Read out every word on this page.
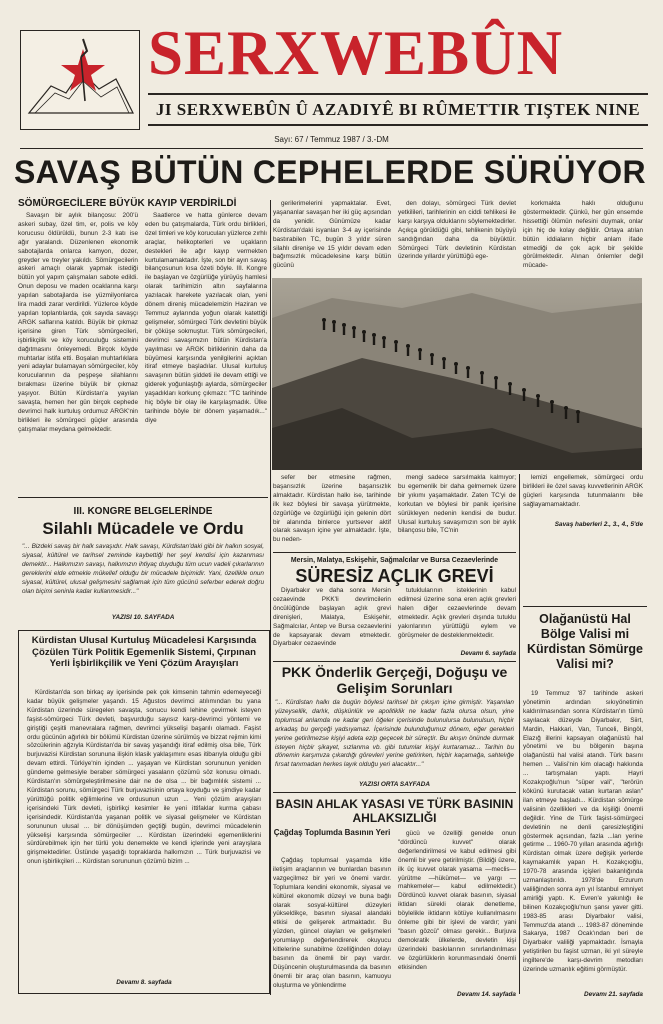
SERXWEBÛN
JI SERXWEBÛN Û AZADIYÊ BI RÛMETTIR TIŞTEK NINE
Sayı: 67 / Temmuz 1987 / 3.-DM
SAVAŞ BÜTÜN CEPHELERDE SÜRÜYOR
SÖMÜRGECİLERE BÜYÜK KAYIP VERDİRİLDİ

Savaşın bir aylık bilançosu: 200'ü askeri subay, özel tim, er, polis ve köy korucusu öldürüldü, bunun 2-3 katı ise ağır yaralandı. Düzenlenen ekonomik sabotajlarda onlarca kamyon, dozer, greyder ve treyler yakıldı. Sömürgecilerin askeri amaçlı olarak yapmak istediği bütün yol yapım çalışmaları sabote edildi. Onun deposu ve maden ocaklarına karşı yapılan sabotajlarda ise yüzmilyonlarca lira maddi zarar verdirildi. Yüzlerce köyde yapılan toplantılarda, çok sayıda savaşçı ARGK saflarına katıldı. Büyük bir çıkmaz içerisine giren Türk sömürgecileri, işbirlikçilik ve köy koruculuğu sistemini dağıtmasını önleyemedi. Birçok köyde muhtarlar istifa etti. Boşalan muhtarlıklara yeni adaylar bulamayan sömürgeciler, köy korucularının da peşpeşe silahlarını bırakması üzerine büyük bir çıkmaz yaşıyor. Bütün Kürdistan'a yayılan savaşta, hemen her gün birçok cephede devrimci halk kurtuluş ordumuz ARGK'nin birlikleri ile sömürgeci güçler arasında çatışmalar meydana gelmektedir.

Saatlerce ve hatta günlerce devam eden bu çatışmalarda, Türk ordu birlikleri, özel timleri ve köy korucuları yüzlerce zırhlı araçlar, helikopterleri ve uçakların destekleri ile ağır kayıp vermekten kurtulamamaktadır. İşte, son bir ayın savaş bilançosunun kısa özeti böyle. III. Kongre ile başlayan ve özgürlüğe yürüyüş hamlesi olarak tarihimizin altın sayfalarına yazılacak harekete yazılacak olan, yeni dönem direniş mücadelemizin Haziran ve Temmuz aylarında yoğun olarak katettiği gelişmeler, sömürgeci Türk devletini büyük bir çöküşe sokmuştur. Türk sömürgecileri, devrimci savaşımızın bütün Kürdistan'a yayılması ve ARGK birliklerinin daha da büyümesi karşısında yenilgilerini açıktan itiraf etmeye başladılar. Ulusal kurtuluş savaşının bütün şiddeti ile devam ettiği ve giderek yoğunlaştığı aylarda, sömürgeciler yaşadıkları korkunç çıkmazı: "TC tarihinde hiç böyle bir olay ile karşılaşmadık. Ülke tarihinde böyle bir dönem yaşamadık..." diye

gerilerimelerini yapmaktalar. Evet, yaşananlar savaşan her iki güç açısından da yenidir. Günümüze kadar Kürdistan'daki isyanları 3-4 ay içerisinde bastırabilen TC, bugün 3 yıldır süren silahlı direnişe ve 15 yıldır devam eden bağımsızlık mücadelesine karşı bütün gücünü

den dolayı, sömürgeci Türk devlet yetkilileri, tarihlerinin en ciddi tehlikesi ile karşı karşıya olduklarını söylemektedirler. Açıkça görüldüğü gibi, tehlikenin büyüyü sandığından daha da büyüktür. Sömürgeci Türk devletinin Kürdistan üzerinde yıllardır yürüttüğü ege-

korkmakta haklı olduğunu göstermektedir. Çünkü, her gün ensemde hissettiği ölümün nefesini duymak, onlar için hiç de kolay değildir. Ortaya atılan bütün iddiaların hiçbir anlam ifade etmediği de çok açık bir şekilde görülmektedir. Alınan önlemler değil mücade-

sefer ber etmesine rağmen, başarısızlık üzerine başarısızlık almaktadır. Kürdistan halkı ise, tarihinde ilk kez böylesi bir savaşa yürütmekte, özgürlüğe ve özgürlüğü için gelenin dört bir alanında binlerce yurtsever aktif olarak savaşın içine yer almaktadır. İşte, bu neden-

mengi sadece sarsılmakla kalmıyor; bu egemenlik bir daha gelmemek üzere bir yıkımı yaşamaktadır. Zaten TC'yi de korkutan ve böylesi bir panik içerisine sürükleyen nedenin kendisi de budur. Ulusal kurtuluş savaşımızın son bir aylık bilançosu bile, TC'nin

lemizi engellemek, sömürgeci ordu birlikleri ile özel savaş kuvvetlerinin ARGK güçleri karşısında tutunmalarını bile sağlayamamaktadır.

Savaş haberleri 2., 3., 4., 5'de
III. KONGRE BELGELERİNDE
Silahlı Mücadele ve Ordu
"... Bizdeki savaş bir halk savaşıdır. Halk savaşı, Kürdistan'daki gibi bir halkın sosyal, siyasal, kültürel ve tarihsel zeminde kaybettiği her şeyi kendisi için kazanması demektir... Halkımızın savaşı, halkımızın ihtiyaç duyduğu tüm ucun vadeli çıkarlarının gereklerini elde etmekle mükellef olduğu bir mücadele biçimidir. Yani, özellikle onun siyasal, kültürel, ulusal gelişmesini sağlamak için tüm gücünü seferber ederek doğru olan biçimi seninla kadar kullanmesidir..."
YAZISI 10. SAYFADA
Kürdistan Ulusal Kurtuluş Mücadelesi Karşısında Çözülen Türk Politik Egemenlik Sistemi, Çırpınan Yerli İşbirlikçilik ve Yeni Çözüm Arayışları

Kürdistan'da son birkaç ay içerisinde pek çok kimsenin tahmin edemeyeceği kadar büyük gelişmeler yaşandı. 15 Ağustos devrimci atılımından bu yana Kürdistan üzerinde süregelen savaşta, sonucu kendi lehine çevirmek isteyen faşist-sömürgeci Türk devleti, başvurduğu sayısız karşı-devrimci yöntemi ve giriştiği çeşitli manevralara rağmen, devrimci yükselişi başarılı olamadı. Faşist ordu gücünün ağırlıklı bir bölümü Kürdistan üzerine sürülmüş ve bizzat rejimin kimi sözcülerinin ağzıyla Kürdistan'da bir savaş yaşandığı itiraf edilmiş olsa bile, Türk burjuvazisi Kürdistan sorununa ilişkin klasik yaklaşımını esas itibarıyla olduğu gibi devam ettirdi. Türkiye'nin içinden ... yaşayan ve Kürdistan sorununun yeniden gündeme gelmesiyle beraber sömürgeci yasaların çözümü söz konusu olmadı. Kürdistan'ın sömürgeleştirilmesine dair ne de olsa ... bir bağımlılık sistemi ... Kürdistan sorunu, sömürgeci Türk burjuvazisinin ortaya koyduğu ve şimdiye kadar yürüttüğü politik eğilimlerine ve ordusunun uzun ... Yeni çözüm arayışları içerisindeki Türk devleti, işbirlikçi kesimler ile yeni ittifaklar kurma çabası içerisindedir. Kürdistan'da yaşanan politik ve siyasal gelişmeler ve Kürdistan sorununun ulusal ... bir dönüşümden geçtiği bugün, devrimci mücadelenin yükselişi karşısında sömürgeciler ... Kürdistan üzerindeki egemenliklerini sürdürebilmek için her türlü yolu denemekte ve kendi içlerinde yeni arayışlara girişmektedirler. Üstünde yaşadığı topraklarda halkımızın ... Türk burjuvazisi ve onun işbirlikçileri ... Kürdistan sorununun çözümü bizim ...

Devamı 8. sayfada
Mersin, Malatya, Eskişehir, Sağmalcılar ve Bursa Cezaevlerinde
SÜRESİZ AÇLIK GREVİ

Diyarbakır ve daha sonra Mersin cezaevinde PKK'li devrimcilerin öncülüğünde başlayan açlık grevi direnişleri, Malatya, Eskişehir, Sağmalcılar, Antep ve Bursa cezaevlerini de kapsayarak devam etmektedir. Diyarbakır cezaevinde

tutuklularının isteklerinin kabul edilmesi üzerine sona eren açlık grevleri halen diğer cezaevlerinde devam etmektedir. Açlık grevleri dışında tutuklu yakınlarının yürüttüğü eylem ve görüşmeler de desteklenmektedir.

Devamı 6. sayfada
PKK Önderlik Gerçeği, Doğuşu ve Gelişim Sorunları
"... Kürdistan halkı da bugün böylesi tarihsel bir çıkışın içine girmiştir. Yaşanılan yüzeysellik, darlık, düşkünlük ve apolitiklik ne kadar fazla olursa olsun, yine toplumsal anlamda ne kadar geri öğeler içerisinde bulunulursa bulunulsun, hiçbir arkadaş bu gerçeği yadsıyamaz. İçerisinde bulunduğumuz dönem, eğer gerekleri yerine getirilmezse kişiyi adeta ezip geçecek bir süreçtir. Bu akışın önünde durmak isteyen hiçbir şikayet, sızlanma vb. gibi tutumlar kişiyi kurtaramaz... Tarihin bu dönemin karşımıza çıkardığı görevleri yerine getirirken, hiçbir kaçamağa, sahtelığe fırsat tanımadan herkes layık olduğu yeri alacaktır..."
YAZISI ORTA SAYFADA
BASIN AHLAK YASASI VE TÜRK BASININ AHLAKSIZLIĞI
Çağdaş Toplumda Basının Yeri

Çağdaş toplumsal yaşamda kitle iletişim araçlarının ve bunlardan basının vazgeçilmez bir yeri ve önemi vardır. Toplumlara kendini ekonomik, siyasal ve kültürel ekonomik düzeyi ve buna bağlı olarak sosyal-kültürel düzeyleri yükseldikçe, basının siyasal alandaki etkisi de gelişerek artmaktadır. Bu yüzden, güncel olayları ve gelişmeleri yorumlayıp değerlendirerek okuyucu kitlelerine sunabilme özelliğinden dolayı basının da önemli bir payı vardır. Düşüncenin oluşturulmasında da basının önemli bir araç olan basının, kamuoyu oluşturma ve yönlendirme

gücü ve özelliği genelde onun "dördüncü kuvvet" olarak değerlendirilmesi ve kabul edilmesi gibi önemli bir yere getirilmiştir. (Bildiği üzere, ilk üç kuvvet olarak yasama —meclis— yürütme —hükümet— ve yargı —mahkemeler— kabul edilmektedir.) Dördüncü kuvvet olarak basının, siyasal iktidarı sürekli olarak denetleme, böylelikle iktidarın kötüye kullanılmasını önleme gibi bir işlevi de vardır; yani "basın gözcü" olması gerekir... Burjuva demokratik ülkelerde, devletin kişi üzerindeki baskılarının sınırlandırılması ve özgürlüklerin korunmasındaki önemli etkisinden

Devamı 14. sayfada
Olağanüstü Hal Bölge Valisi mi Kürdistan Sömürge Valisi mi?

19 Temmuz '87 tarihinde askeri yönetimin ardından sıkıyönetimin kaldırılmasından sonra Kürdistan'ın tümü sayılacak düzeyde Diyarbakır, Siirt, Mardin, Hakkari, Van, Tunceli, Bingöl, Elazığ illerini kapsayan olağanüstü hal yönetimi ve bu bölgenin başına olağanüstü hal valisi atandı. Türk basını hemen ... Valisi'nin kim olacağı hakkında ... tartışmaları yaptı. Hayri Kozakçıoğlu'nun "süper vali", "terörün kökünü kurutacak vatan kurtaran aslan" ilan etmeye başladı... Kürdistan sömürge valisinin özellikleri ve da kişiliği önemli değildir. Yine de Türk faşist-sömürgeci devletinin ne denli çaresizleştiğini göstermek açısından, fazla ...ları yerine getirme ... 1960-70 yılları arasında ağırlığı Kürdistan olmak üzere değişik yerlerde kaymakamlık yapan H. Kozakçıoğlu, 1970-78 arasında içişleri bakanlığında uzmanlaştırıldı. 1978'de Erzurum valiliğinden sonra ayrı yıl İstanbul emniyet amirliği yaptı. K. Evren'e yakınlığı ile bilinen Kozakçıoğlu'nun şansı yaver gitti. 1983-85 arası Diyarbakır valisi, Temmuz'da atandı ... 1983-87 döneminde Sakarya, 1987 Ocak'ından beri de Diyarbakır valiliği yapmaktadır. İsmayla yetiştirilen bu faşist uzman, iki yıl süreyle ingiltere'de karşı-devrim metodları üzerinde uzmanlık eğitimi görmüştür.

Devamı 21. sayfada
